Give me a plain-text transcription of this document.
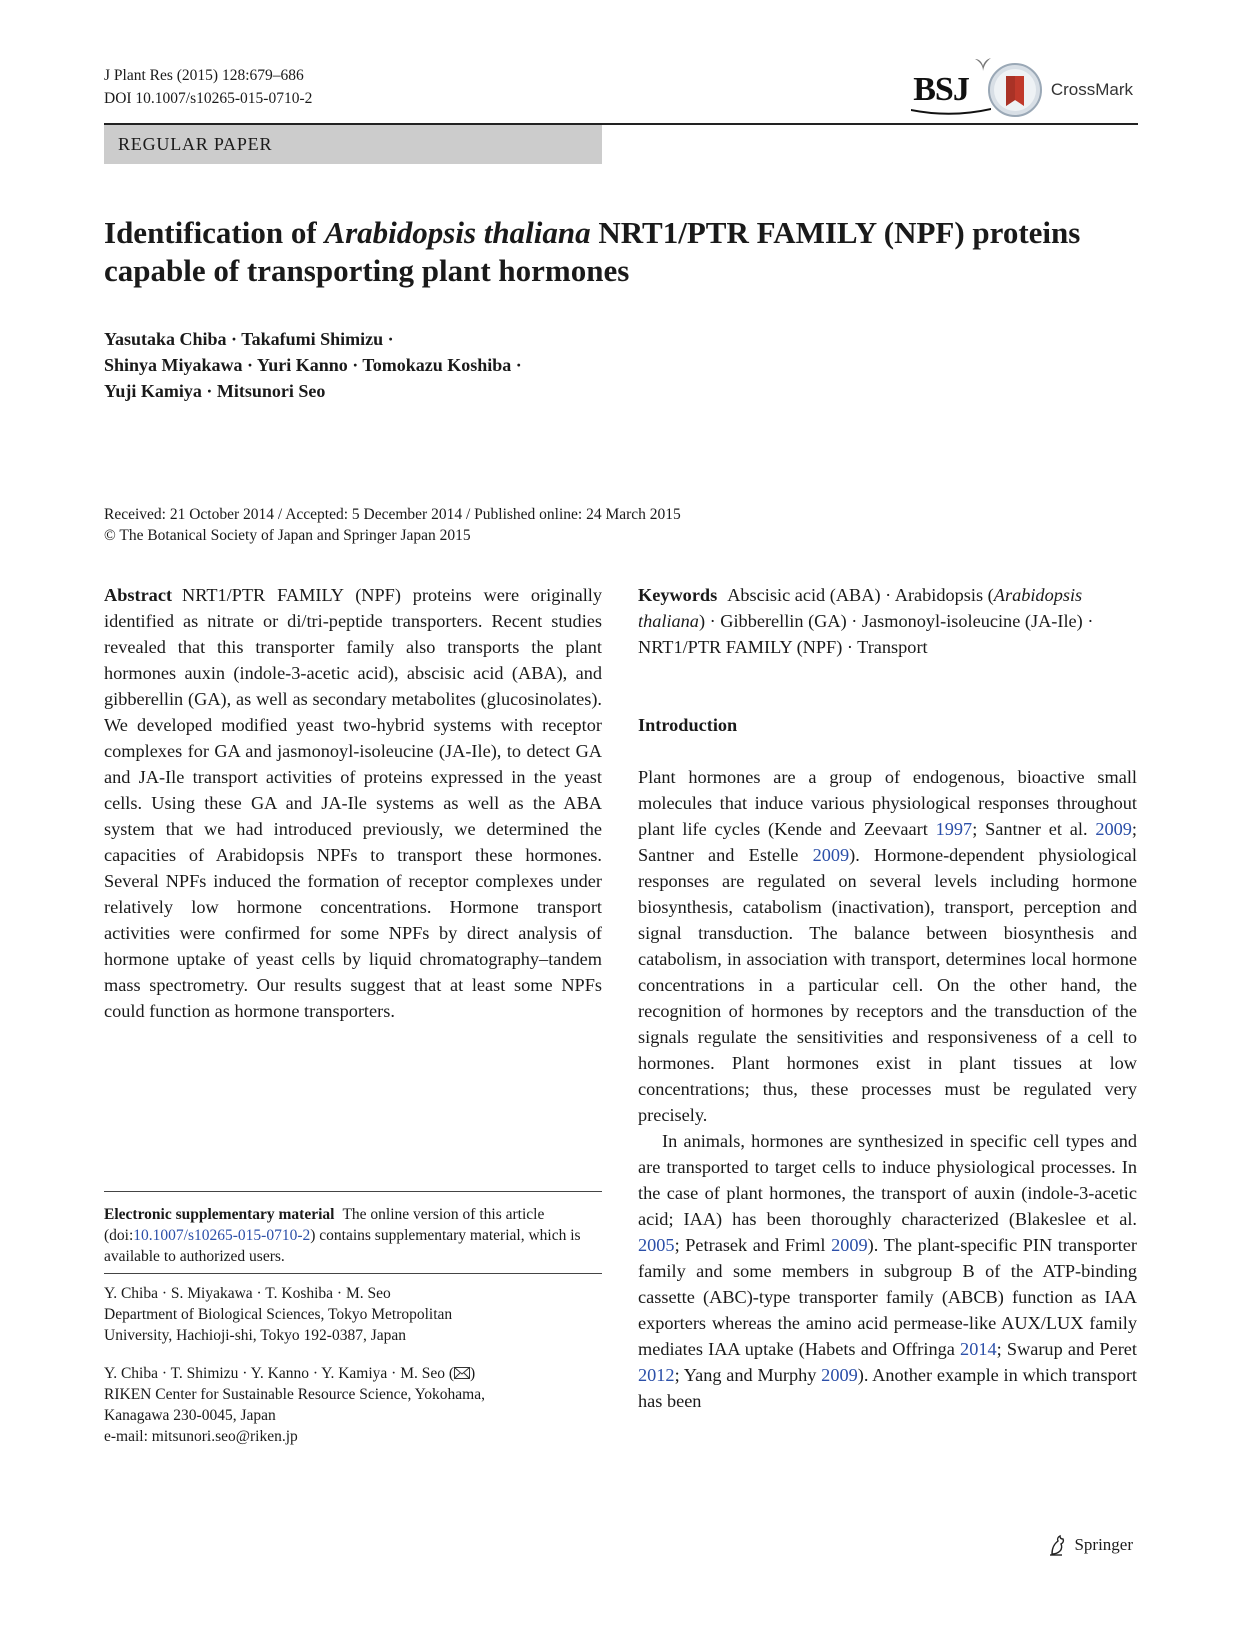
J Plant Res (2015) 128:679–686
DOI 10.1007/s10265-015-0710-2	BSJ	CrossMark
REGULAR PAPER
Identification of Arabidopsis thaliana NRT1/PTR FAMILY (NPF) proteins capable of transporting plant hormones
Yasutaka Chiba · Takafumi Shimizu ·
Shinya Miyakawa · Yuri Kanno · Tomokazu Koshiba ·
Yuji Kamiya · Mitsunori Seo
Received: 21 October 2014 / Accepted: 5 December 2014 / Published online: 24 March 2015
© The Botanical Society of Japan and Springer Japan 2015

Abstract NRT1/PTR FAMILY (NPF) proteins were originally identified as nitrate or di/tri-peptide transporters. Recent studies revealed that this transporter family also transports the plant hormones auxin (indole-3-acetic acid), abscisic acid (ABA), and gibberellin (GA), as well as secondary metabolites (glucosinolates). We developed modified yeast two-hybrid systems with receptor complexes for GA and jasmonoyl-isoleucine (JA-Ile), to detect GA and JA-Ile transport activities of proteins expressed in the yeast cells. Using these GA and JA-Ile systems as well as the ABA system that we had introduced previously, we determined the capacities of Arabidopsis NPFs to transport these hormones. Several NPFs induced the formation of receptor complexes under relatively low hormone concentrations. Hormone transport activities were confirmed for some NPFs by direct analysis of hormone uptake of yeast cells by liquid chromatography–tandem mass spectrometry. Our results suggest that at least some NPFs could function as hormone transporters.

Electronic supplementary material The online version of this article (doi:10.1007/s10265-015-0710-2) contains supplementary material, which is available to authorized users.

Y. Chiba · S. Miyakawa · T. Koshiba · M. Seo
Department of Biological Sciences, Tokyo Metropolitan
University, Hachioji-shi, Tokyo 192-0387, Japan
Y. Chiba · T. Shimizu · Y. Kanno · Y. Kamiya · M. Seo ( )
RIKEN Center for Sustainable Resource Science, Yokohama,
Kanagawa 230-0045, Japan
e-mail: mitsunori.seo@riken.jp

Keywords Abscisic acid (ABA) · Arabidopsis (Arabidopsis thaliana) · Gibberellin (GA) · Jasmonoyl-isoleucine (JA-Ile) · NRT1/PTR FAMILY (NPF) · Transport

Introduction

Plant hormones are a group of endogenous, bioactive small molecules that induce various physiological responses throughout plant life cycles (Kende and Zeevaart 1997; Santner et al. 2009; Santner and Estelle 2009). Hormone-dependent physiological responses are regulated on several levels including hormone biosynthesis, catabolism (inactivation), transport, perception and signal transduction. The balance between biosynthesis and catabolism, in association with transport, determines local hormone concentrations in a particular cell. On the other hand, the recognition of hormones by receptors and the transduction of the signals regulate the sensitivities and responsiveness of a cell to hormones. Plant hormones exist in plant tissues at low concentrations; thus, these processes must be regulated very precisely.

In animals, hormones are synthesized in specific cell types and are transported to target cells to induce physiological processes. In the case of plant hormones, the transport of auxin (indole-3-acetic acid; IAA) has been thoroughly characterized (Blakeslee et al. 2005; Petrasek and Friml 2009). The plant-specific PIN transporter family and some members in subgroup B of the ATP-binding cassette (ABC)-type transporter family (ABCB) function as IAA exporters whereas the amino acid permease-like AUX/LUX family mediates IAA uptake (Habets and Offringa 2014; Swarup and Peret 2012; Yang and Murphy 2009). Another example in which transport has been

Springer
